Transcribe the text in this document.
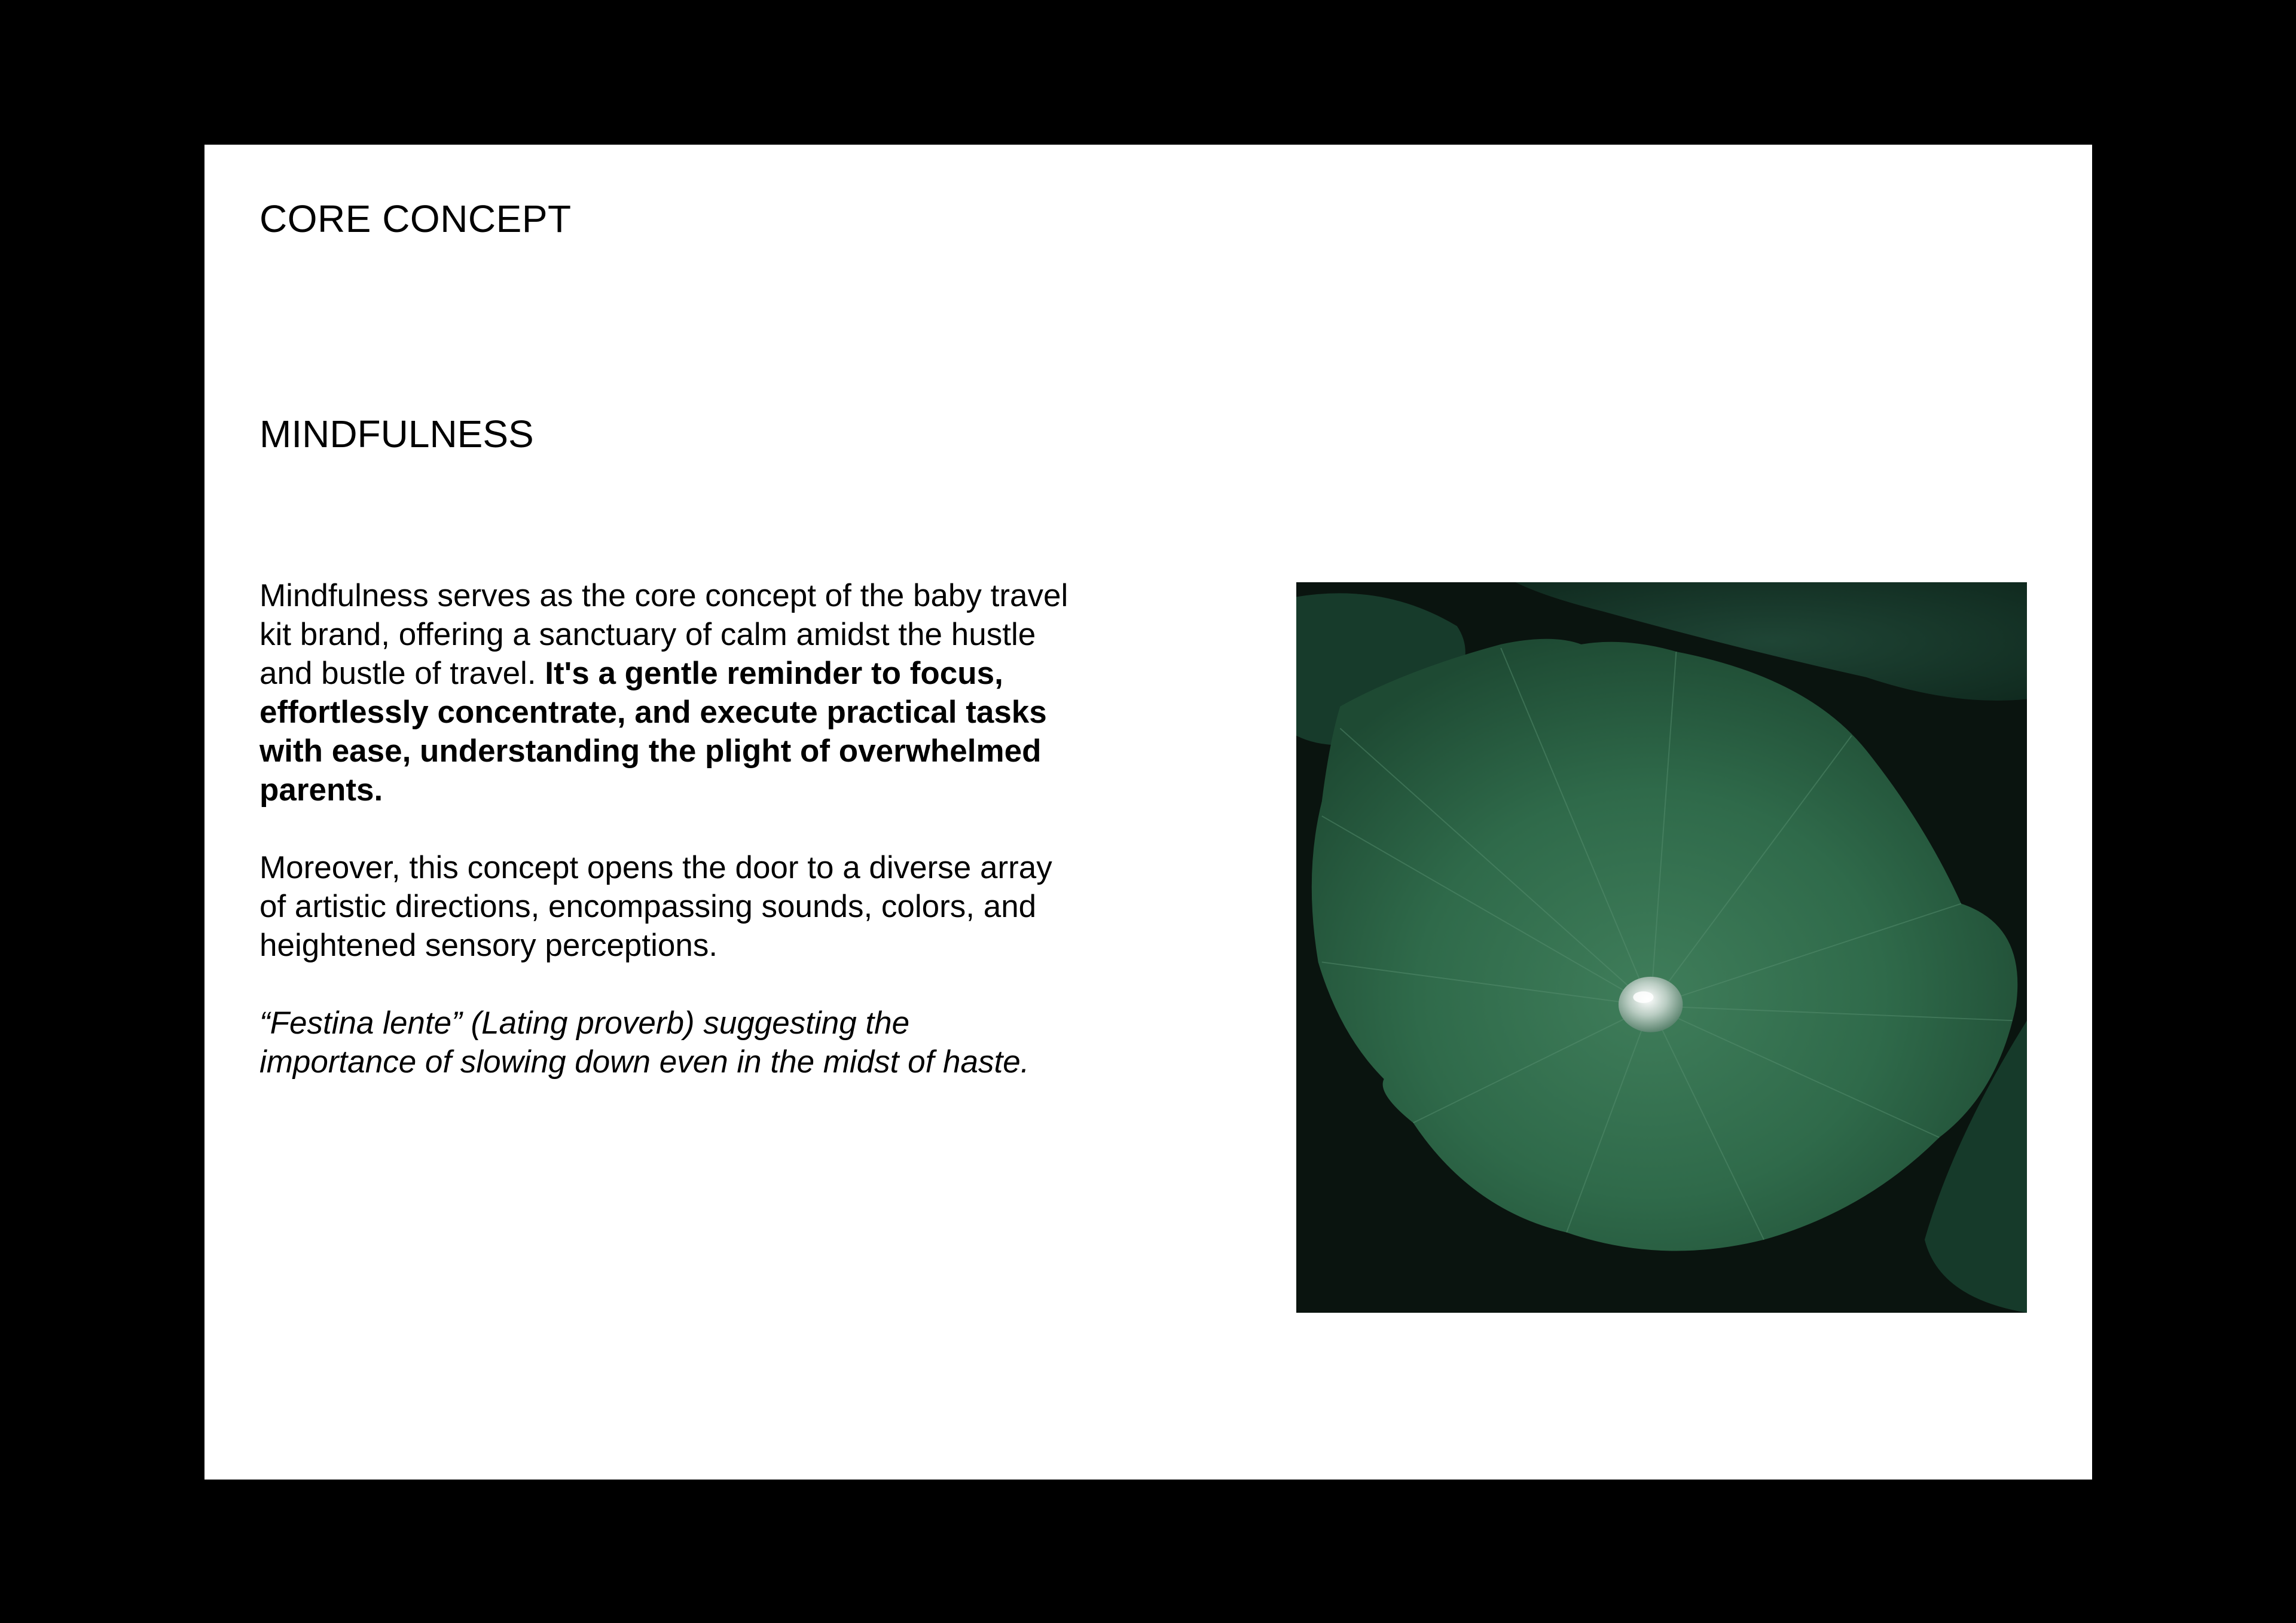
CORE CONCEPT
MINDFULNESS

Mindfulness serves as the core concept of the baby travel kit brand, offering a sanctuary of calm amidst the hustle and bustle of travel. It's a gentle reminder to focus, effortlessly concentrate, and execute practical tasks with ease, understanding the plight of overwhelmed parents.

Moreover, this concept opens the door to a diverse array of artistic directions, encompassing sounds, colors, and heightened sensory perceptions.

“Festina lente” (Lating proverb) suggesting the importance of slowing down even in the midst of haste.
